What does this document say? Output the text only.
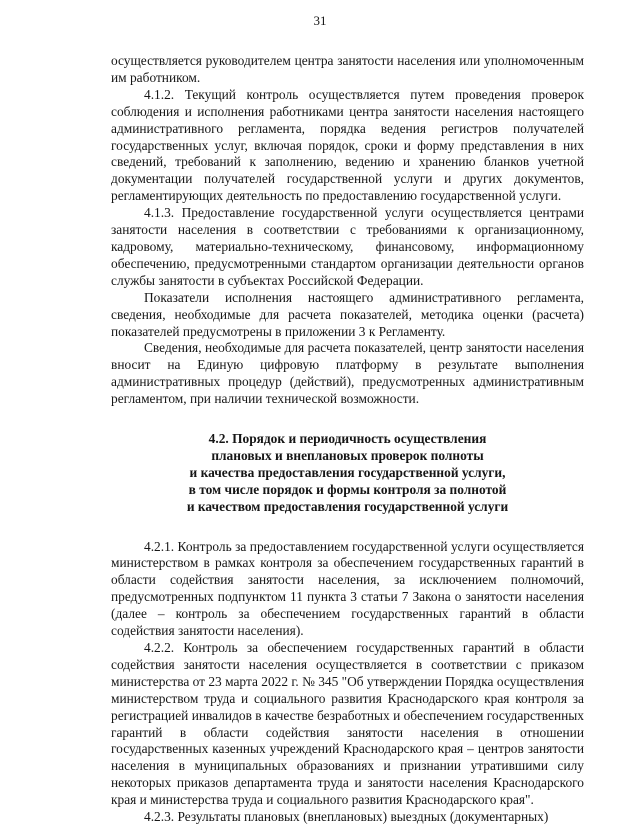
31

осуществляется руководителем центра занятости населения или уполномоченным им работником.

4.1.2. Текущий контроль осуществляется путем проведения проверок соблюдения и исполнения работниками центра занятости населения настоящего административного регламента, порядка ведения регистров получателей государственных услуг, включая порядок, сроки и форму представления в них сведений, требований к заполнению, ведению и хранению бланков учетной документации получателей государственной услуги и других документов, регламентирующих деятельность по предоставлению государственной услуги.

4.1.3. Предоставление государственной услуги осуществляется центрами занятости населения в соответствии с требованиями к организационному, кадровому, материально-техническому, финансовому, информационному обеспечению, предусмотренными стандартом организации деятельности органов службы занятости в субъектах Российской Федерации.

Показатели исполнения настоящего административного регламента, сведения, необходимые для расчета показателей, методика оценки (расчета) показателей предусмотрены в приложении 3 к Регламенту.

Сведения, необходимые для расчета показателей, центр занятости населения вносит на Единую цифровую платформу в результате выполнения административных процедур (действий), предусмотренных административным регламентом, при наличии технической возможности.

4.2. Порядок и периодичность осуществления
плановых и внеплановых проверок полноты
и качества предоставления государственной услуги,
в том числе порядок и формы контроля за полнотой
и качеством предоставления государственной услуги

4.2.1. Контроль за предоставлением государственной услуги осуществляется министерством в рамках контроля за обеспечением государственных гарантий в области содействия занятости населения, за исключением полномочий, предусмотренных подпунктом 11 пункта 3 статьи 7 Закона о занятости населения (далее – контроль за обеспечением государственных гарантий в области содействия занятости населения).

4.2.2. Контроль за обеспечением государственных гарантий в области содействия занятости населения осуществляется в соответствии с приказом министерства от 23 марта 2022 г. № 345 "Об утверждении Порядка осуществления министерством труда и социального развития Краснодарского края контроля за регистрацией инвалидов в качестве безработных и обеспечением государственных гарантий в области содействия занятости населения в отношении государственных казенных учреждений Краснодарского края – центров занятости населения в муниципальных образованиях и признании утратившими силу некоторых приказов департамента труда и занятости населения Краснодарского края и министерства труда и социального развития Краснодарского края".

4.2.3. Результаты плановых (внеплановых) выездных (документарных)
